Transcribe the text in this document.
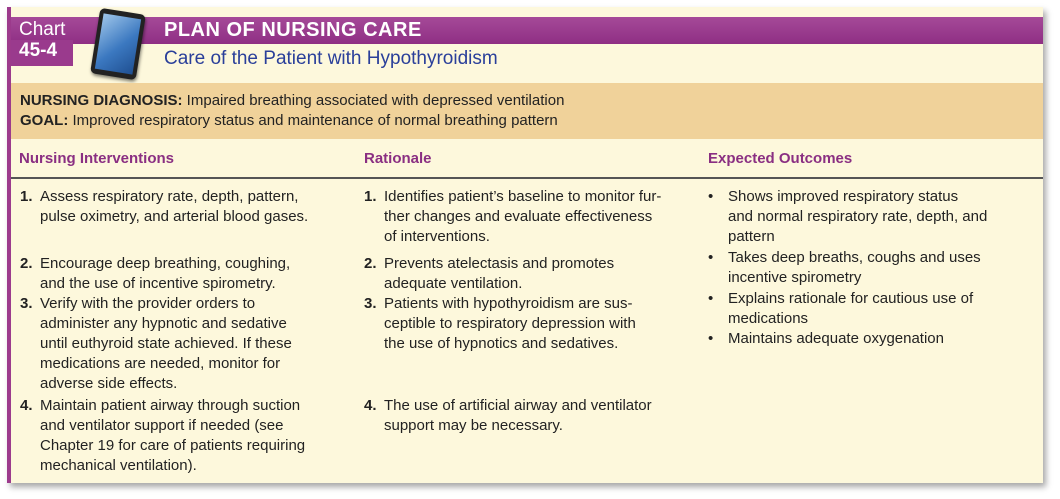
Chart
45-4
PLAN OF NURSING CARE
Care of the Patient with Hypothyroidism
NURSING DIAGNOSIS: Impaired breathing associated with depressed ventilation
GOAL: Improved respiratory status and maintenance of normal breathing pattern
Nursing Interventions	Rationale	Expected Outcomes
1. Assess respiratory rate, depth, pattern,
pulse oximetry, and arterial blood gases.
2. Encourage deep breathing, coughing,
and the use of incentive spirometry.
3. Verify with the provider orders to
administer any hypnotic and sedative
until euthyroid state achieved. If these
medications are needed, monitor for
adverse side effects.
4. Maintain patient airway through suction
and ventilator support if needed (see
Chapter 19 for care of patients requiring
mechanical ventilation).
1. Identifies patient’s baseline to monitor fur-
ther changes and evaluate effectiveness
of interventions.
2. Prevents atelectasis and promotes
adequate ventilation.
3. Patients with hypothyroidism are sus-
ceptible to respiratory depression with
the use of hypnotics and sedatives.
4. The use of artificial airway and ventilator
support may be necessary.
• Shows improved respiratory status
and normal respiratory rate, depth, and
pattern
• Takes deep breaths, coughs and uses
incentive spirometry
• Explains rationale for cautious use of
medications
• Maintains adequate oxygenation
